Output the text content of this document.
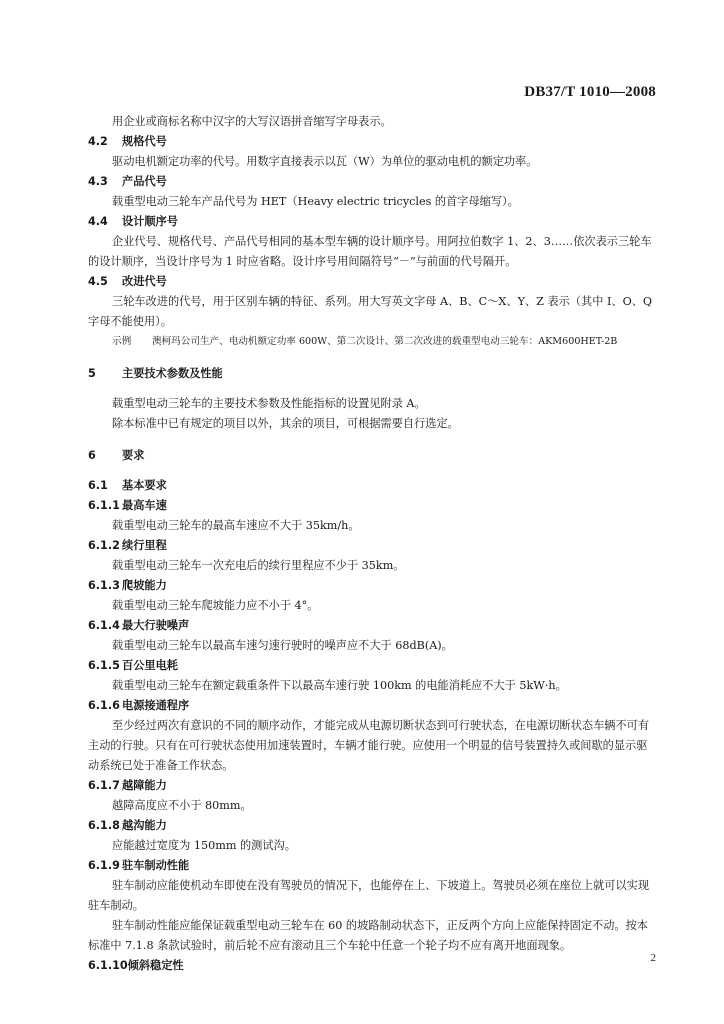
DB37/T 1010—2008

用企业或商标名称中汉字的大写汉语拼音缩写字母表示。

4.2 规格代号

驱动电机额定功率的代号。用数字直接表示以瓦（W）为单位的驱动电机的额定功率。

4.3 产品代号

载重型电动三轮车产品代号为 HET（Heavy electric tricycles 的首字母缩写）。

4.4 设计顺序号

企业代号、规格代号、产品代号相同的基本型车辆的设计顺序号。用阿拉伯数字 1、2、3……依次表示三轮车的设计顺序，当设计序号为 1 时应省略。设计序号用间隔符号“－”与前面的代号隔开。

4.5 改进代号

三轮车改进的代号，用于区别车辆的特征、系列。用大写英文字母 A、B、C～X、Y、Z 表示（其中 I、O、Q 字母不能使用）。

示例 澳柯玛公司生产、电动机额定功率 600W、第二次设计、第二次改进的载重型电动三轮车：AKM600HET-2B
5 主要技术参数及性能

载重型电动三轮车的主要技术参数及性能指标的设置见附录 A。

除本标准中已有规定的项目以外，其余的项目，可根据需要自行选定。

6 要求
6.1 基本要求
6.1.1 最高车速

载重型电动三轮车的最高车速应不大于 35km/h。

6.1.2 续行里程

载重型电动三轮车一次充电后的续行里程应不少于 35km。

6.1.3 爬坡能力

载重型电动三轮车爬坡能力应不小于 4°。

6.1.4 最大行驶噪声

载重型电动三轮车以最高车速匀速行驶时的噪声应不大于 68dB(A)。

6.1.5 百公里电耗

载重型电动三轮车在额定载重条件下以最高车速行驶 100km 的电能消耗应不大于 5kW·h。

6.1.6 电源接通程序

至少经过两次有意识的不同的顺序动作，才能完成从电源切断状态到可行驶状态，在电源切断状态车辆不可有主动的行驶。只有在可行驶状态使用加速装置时，车辆才能行驶。应使用一个明显的信号装置持久或间歇的显示驱动系统已处于准备工作状态。

6.1.7 越障能力

越障高度应不小于 80mm。

6.1.8 越沟能力

应能越过宽度为 150mm 的测试沟。

6.1.9 驻车制动性能

驻车制动应能使机动车即使在没有驾驶员的情况下，也能停在上、下坡道上。驾驶员必须在座位上就可以实现驻车制动。

驻车制动性能应能保证载重型电动三轮车在 60 的坡路制动状态下，正反两个方向上应能保持固定不动。按本标准中 7.1.8 条款试验时，前后轮不应有滚动且三个车轮中任意一个轮子均不应有离开地面现象。

6.1.10倾斜稳定性
2
